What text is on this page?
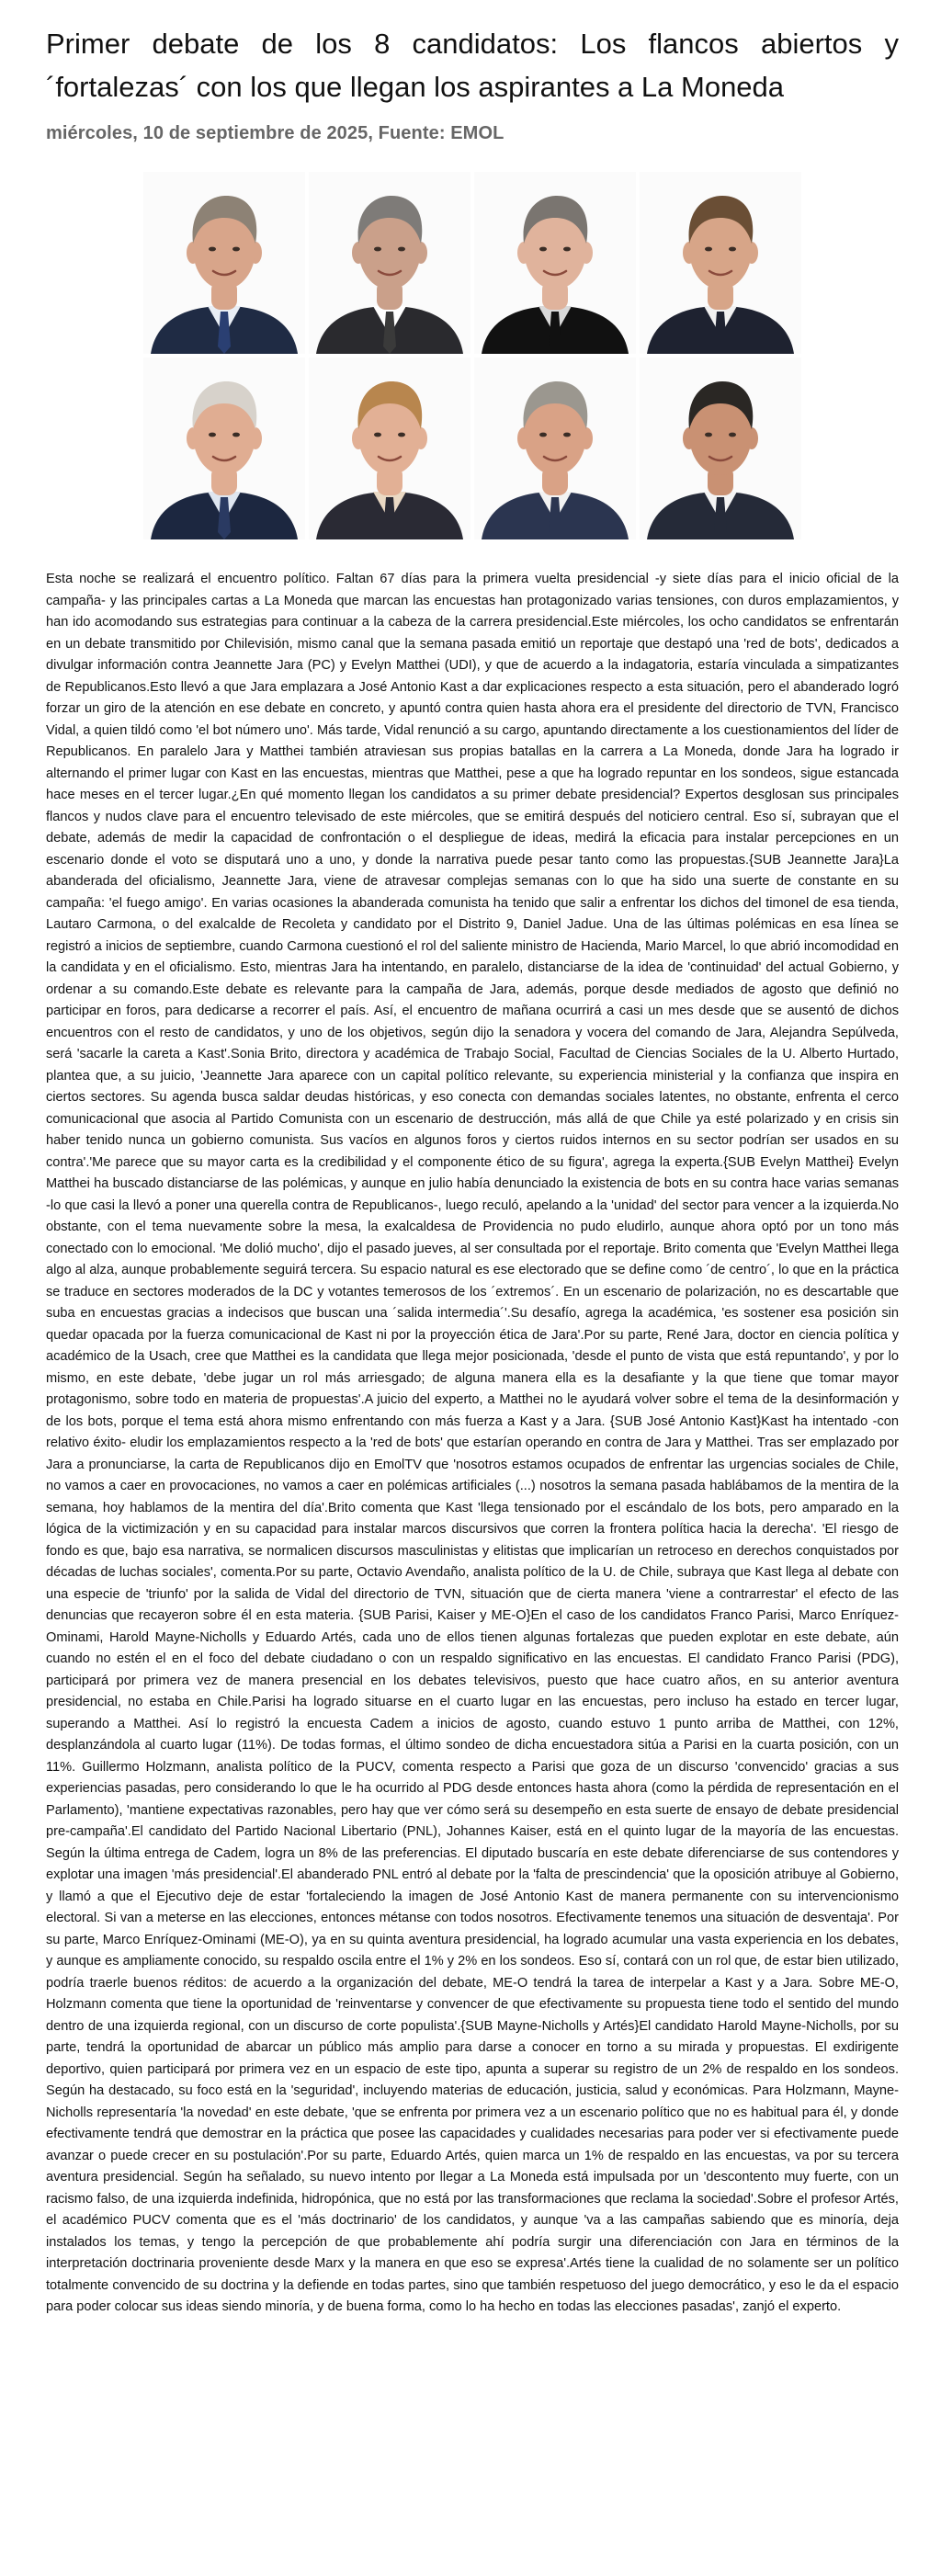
Primer debate de los 8 candidatos: Los flancos abiertos y ´fortalezas´ con los que llegan los aspirantes a La Moneda
miércoles, 10 de septiembre de 2025, Fuente: EMOL
Esta noche se realizará el encuentro político. Faltan 67 días para la primera vuelta presidencial -y siete días para el inicio oficial de la campaña- y las principales cartas a La Moneda que marcan las encuestas han protagonizado varias tensiones, con duros emplazamientos, y han ido acomodando sus estrategias para continuar a la cabeza de la carrera presidencial.Este miércoles, los ocho candidatos se enfrentarán en un debate transmitido por Chilevisión, mismo canal que la semana pasada emitió un reportaje que destapó una 'red de bots', dedicados a divulgar información contra Jeannette Jara (PC) y Evelyn Matthei (UDI), y que de acuerdo a la indagatoria, estaría vinculada a simpatizantes de Republicanos.Esto llevó a que Jara emplazara a José Antonio Kast a dar explicaciones respecto a esta situación, pero el abanderado logró forzar un giro de la atención en ese debate en concreto, y apuntó contra quien hasta ahora era el presidente del directorio de TVN, Francisco Vidal, a quien tildó como 'el bot número uno'. Más tarde, Vidal renunció a su cargo, apuntando directamente a los cuestionamientos del líder de Republicanos. En paralelo Jara y Matthei también atraviesan sus propias batallas en la carrera a La Moneda, donde Jara ha logrado ir alternando el primer lugar con Kast en las encuestas, mientras que Matthei, pese a que ha logrado repuntar en los sondeos, sigue estancada hace meses en el tercer lugar.¿En qué momento llegan los candidatos a su primer debate presidencial? Expertos desglosan sus principales flancos y nudos clave para el encuentro televisado de este miércoles, que se emitirá después del noticiero central. Eso sí, subrayan que el debate, además de medir la capacidad de confrontación o el despliegue de ideas, medirá la eficacia para instalar percepciones en un escenario donde el voto se disputará uno a uno, y donde la narrativa puede pesar tanto como las propuestas.{SUB Jeannette Jara}La abanderada del oficialismo, Jeannette Jara, viene de atravesar complejas semanas con lo que ha sido una suerte de constante en su campaña: 'el fuego amigo'. En varias ocasiones la abanderada comunista ha tenido que salir a enfrentar los dichos del timonel de esa tienda, Lautaro Carmona, o del exalcalde de Recoleta y candidato por el Distrito 9, Daniel Jadue. Una de las últimas polémicas en esa línea se registró a inicios de septiembre, cuando Carmona cuestionó el rol del saliente ministro de Hacienda, Mario Marcel, lo que abrió incomodidad en la candidata y en el oficialismo. Esto, mientras Jara ha intentando, en paralelo, distanciarse de la idea de 'continuidad' del actual Gobierno, y ordenar a su comando.Este debate es relevante para la campaña de Jara, además, porque desde mediados de agosto que definió no participar en foros, para dedicarse a recorrer el país. Así, el encuentro de mañana ocurrirá a casi un mes desde que se ausentó de dichos encuentros con el resto de candidatos, y uno de los objetivos, según dijo la senadora y vocera del comando de Jara, Alejandra Sepúlveda, será 'sacarle la careta a Kast'.Sonia Brito, directora y académica de Trabajo Social, Facultad de Ciencias Sociales de la U. Alberto Hurtado, plantea que, a su juicio, 'Jeannette Jara aparece con un capital político relevante, su experiencia ministerial y la confianza que inspira en ciertos sectores. Su agenda busca saldar deudas históricas, y eso conecta con demandas sociales latentes, no obstante, enfrenta el cerco comunicacional que asocia al Partido Comunista con un escenario de destrucción, más allá de que Chile ya esté polarizado y en crisis sin haber tenido nunca un gobierno comunista. Sus vacíos en algunos foros y ciertos ruidos internos en su sector podrían ser usados en su contra'.'Me parece que su mayor carta es la credibilidad y el componente ético de su figura', agrega la experta.{SUB Evelyn Matthei} Evelyn Matthei ha buscado distanciarse de las polémicas, y aunque en julio había denunciado la existencia de bots en su contra hace varias semanas -lo que casi la llevó a poner una querella contra de Republicanos-, luego reculó, apelando a la 'unidad' del sector para vencer a la izquierda.No obstante, con el tema nuevamente sobre la mesa, la exalcaldesa de Providencia no pudo eludirlo, aunque ahora optó por un tono más conectado con lo emocional. 'Me dolió mucho', dijo el pasado jueves, al ser consultada por el reportaje. Brito comenta que 'Evelyn Matthei llega algo al alza, aunque probablemente seguirá tercera. Su espacio natural es ese electorado que se define como ´de centro´, lo que en la práctica se traduce en sectores moderados de la DC y votantes temerosos de los ´extremos´. En un escenario de polarización, no es descartable que suba en encuestas gracias a indecisos que buscan una ´salida intermedia´'.Su desafío, agrega la académica, 'es sostener esa posición sin quedar opacada por la fuerza comunicacional de Kast ni por la proyección ética de Jara'.Por su parte, René Jara, doctor en ciencia política y académico de la Usach, cree que Matthei es la candidata que llega mejor posicionada, 'desde el punto de vista que está repuntando', y por lo mismo, en este debate, 'debe jugar un rol más arriesgado; de alguna manera ella es la desafiante y la que tiene que tomar mayor protagonismo, sobre todo en materia de propuestas'.A juicio del experto, a Matthei no le ayudará volver sobre el tema de la desinformación y de los bots, porque el tema está ahora mismo enfrentando con más fuerza a Kast y a Jara. {SUB José Antonio Kast}Kast ha intentado -con relativo éxito- eludir los emplazamientos respecto a la 'red de bots' que estarían operando en contra de Jara y Matthei. Tras ser emplazado por Jara a pronunciarse, la carta de Republicanos dijo en EmolTV que 'nosotros estamos ocupados de enfrentar las urgencias sociales de Chile, no vamos a caer en provocaciones, no vamos a caer en polémicas artificiales (...) nosotros la semana pasada hablábamos de la mentira de la semana, hoy hablamos de la mentira del día'.Brito comenta que Kast 'llega tensionado por el escándalo de los bots, pero amparado en la lógica de la victimización y en su capacidad para instalar marcos discursivos que corren la frontera política hacia la derecha'. 'El riesgo de fondo es que, bajo esa narrativa, se normalicen discursos masculinistas y elitistas que implicarían un retroceso en derechos conquistados por décadas de luchas sociales', comenta.Por su parte, Octavio Avendaño, analista político de la U. de Chile, subraya que Kast llega al debate con una especie de 'triunfo' por la salida de Vidal del directorio de TVN, situación que de cierta manera 'viene a contrarrestar' el efecto de las denuncias que recayeron sobre él en esta materia. {SUB Parisi, Kaiser y ME-O}En el caso de los candidatos Franco Parisi, Marco Enríquez-Ominami, Harold Mayne-Nicholls y Eduardo Artés, cada uno de ellos tienen algunas fortalezas que pueden explotar en este debate, aún cuando no estén el en el foco del debate ciudadano o con un respaldo significativo en las encuestas. El candidato Franco Parisi (PDG), participará por primera vez de manera presencial en los debates televisivos, puesto que hace cuatro años, en su anterior aventura presidencial, no estaba en Chile.Parisi ha logrado situarse en el cuarto lugar en las encuestas, pero incluso ha estado en tercer lugar, superando a Matthei. Así lo registró la encuesta Cadem a inicios de agosto, cuando estuvo 1 punto arriba de Matthei, con 12%, desplanzándola al cuarto lugar (11%). De todas formas, el último sondeo de dicha encuestadora sitúa a Parisi en la cuarta posición, con un 11%. Guillermo Holzmann, analista político de la PUCV, comenta respecto a Parisi que goza de un discurso 'convencido' gracias a sus experiencias pasadas, pero considerando lo que le ha ocurrido al PDG desde entonces hasta ahora (como la pérdida de representación en el Parlamento), 'mantiene expectativas razonables, pero hay que ver cómo será su desempeño en esta suerte de ensayo de debate presidencial pre-campaña'.El candidato del Partido Nacional Libertario (PNL), Johannes Kaiser, está en el quinto lugar de la mayoría de las encuestas. Según la última entrega de Cadem, logra un 8% de las preferencias. El diputado buscaría en este debate diferenciarse de sus contendores y explotar una imagen 'más presidencial'.El abanderado PNL entró al debate por la 'falta de prescindencia' que la oposición atribuye al Gobierno, y llamó a que el Ejecutivo deje de estar 'fortaleciendo la imagen de José Antonio Kast de manera permanente con su intervencionismo electoral. Si van a meterse en las elecciones, entonces métanse con todos nosotros. Efectivamente tenemos una situación de desventaja'. Por su parte, Marco Enríquez-Ominami (ME-O), ya en su quinta aventura presidencial, ha logrado acumular una vasta experiencia en los debates, y aunque es ampliamente conocido, su respaldo oscila entre el 1% y 2% en los sondeos. Eso sí, contará con un rol que, de estar bien utilizado, podría traerle buenos réditos: de acuerdo a la organización del debate, ME-O tendrá la tarea de interpelar a Kast y a Jara. Sobre ME-O, Holzmann comenta que tiene la oportunidad de 'reinventarse y convencer de que efectivamente su propuesta tiene todo el sentido del mundo dentro de una izquierda regional, con un discurso de corte populista'.{SUB Mayne-Nicholls y Artés}El candidato Harold Mayne-Nicholls, por su parte, tendrá la oportunidad de abarcar un público más amplio para darse a conocer en torno a su mirada y propuestas. El exdirigente deportivo, quien participará por primera vez en un espacio de este tipo, apunta a superar su registro de un 2% de respaldo en los sondeos. Según ha destacado, su foco está en la 'seguridad', incluyendo materias de educación, justicia, salud y económicas. Para Holzmann, Mayne-Nicholls representaría 'la novedad' en este debate, 'que se enfrenta por primera vez a un escenario político que no es habitual para él, y donde efectivamente tendrá que demostrar en la práctica que posee las capacidades y cualidades necesarias para poder ver si efectivamente puede avanzar o puede crecer en su postulación'.Por su parte, Eduardo Artés, quien marca un 1% de respaldo en las encuestas, va por su tercera aventura presidencial. Según ha señalado, su nuevo intento por llegar a La Moneda está impulsada por un 'descontento muy fuerte, con un racismo falso, de una izquierda indefinida, hidropónica, que no está por las transformaciones que reclama la sociedad'.Sobre el profesor Artés, el académico PUCV comenta que es el 'más doctrinario' de los candidatos, y aunque 'va a las campañas sabiendo que es minoría, deja instalados los temas, y tengo la percepción de que probablemente ahí podría surgir una diferenciación con Jara en términos de la interpretación doctrinaria proveniente desde Marx y la manera en que eso se expresa'.Artés tiene la cualidad de no solamente ser un político totalmente convencido de su doctrina y la defiende en todas partes, sino que también respetuoso del juego democrático, y eso le da el espacio para poder colocar sus ideas siendo minoría, y de buena forma, como lo ha hecho en todas las elecciones pasadas', zanjó el experto.
